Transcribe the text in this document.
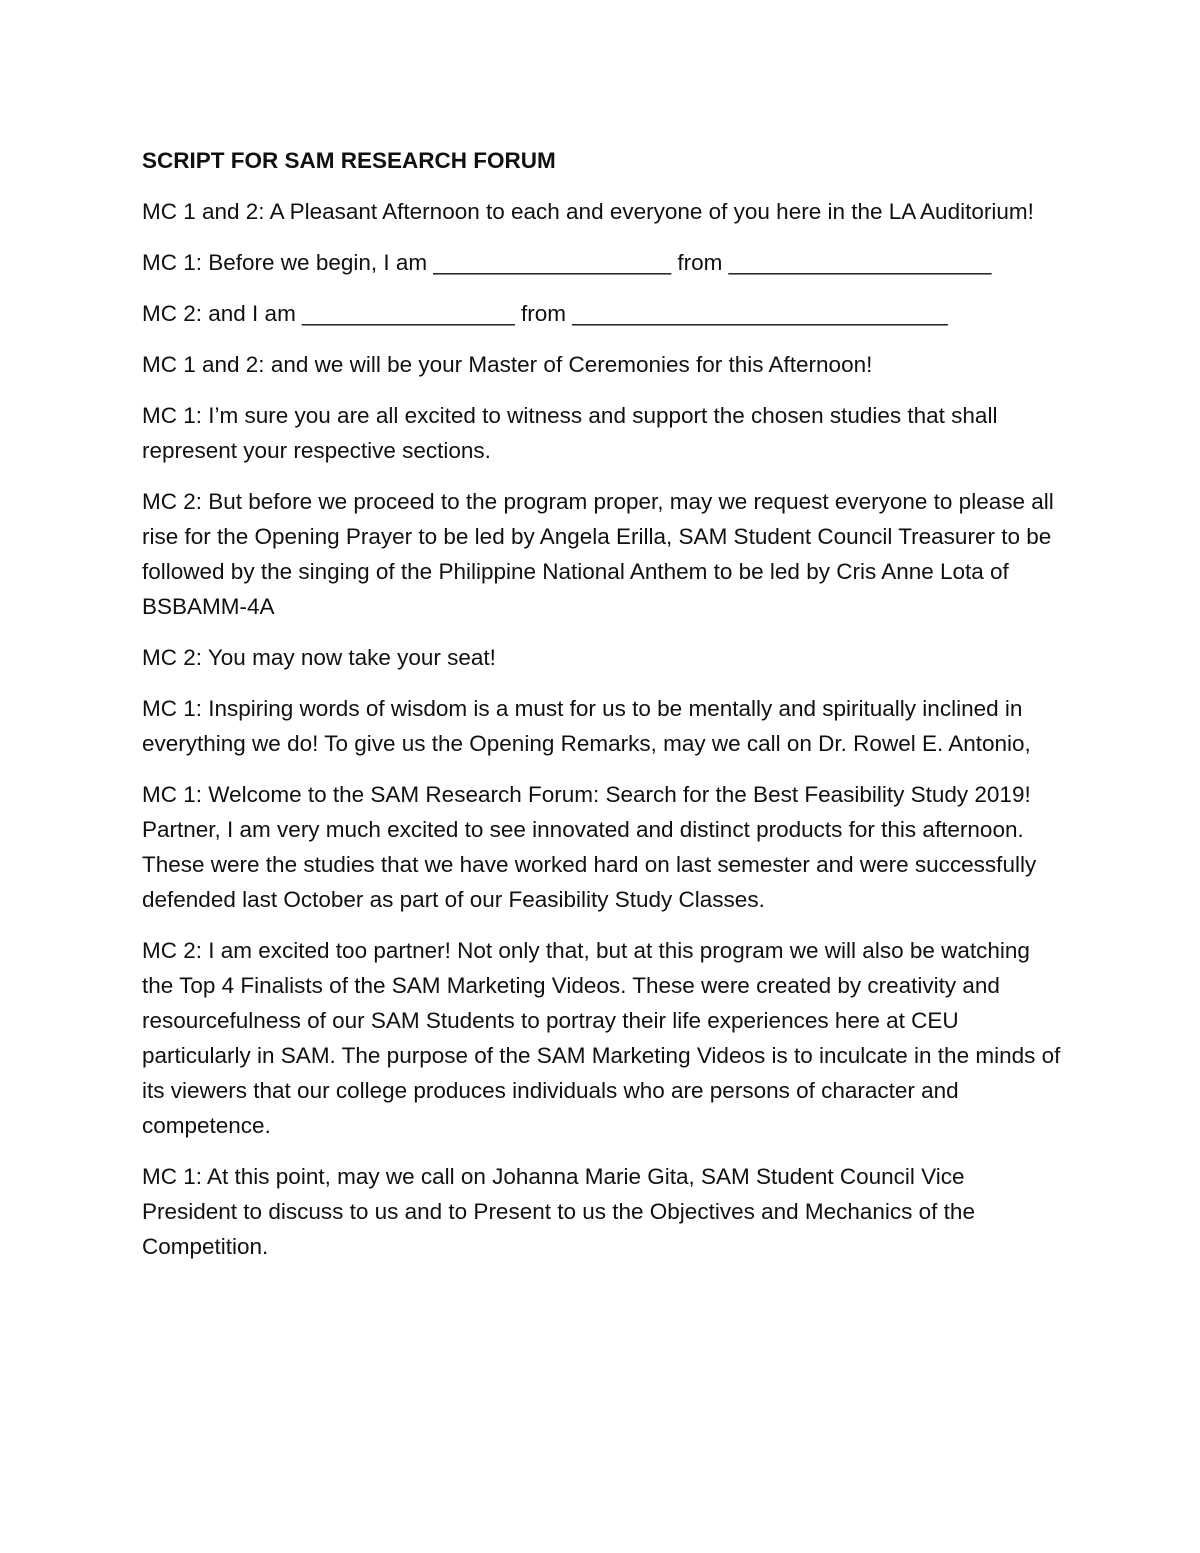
SCRIPT FOR SAM RESEARCH FORUM

MC 1 and 2: A Pleasant Afternoon to each and everyone of you here in the LA Auditorium!

MC 1: Before we begin, I am ___________________ from _____________________

MC 2: and I am _________________ from ______________________________

MC 1 and 2: and we will be your Master of Ceremonies for this Afternoon!

MC 1: I’m sure you are all excited to witness and support the chosen studies that shall represent your respective sections.

MC 2: But before we proceed to the program proper, may we request everyone to please all rise for the Opening Prayer to be led by Angela Erilla, SAM Student Council Treasurer to be followed by the singing of the Philippine National Anthem to be led by Cris Anne Lota of BSBAMM-4A

MC 2: You may now take your seat!

MC 1: Inspiring words of wisdom is a must for us to be mentally and spiritually inclined in everything we do! To give us the Opening Remarks, may we call on Dr. Rowel E. Antonio,

MC 1: Welcome to the SAM Research Forum: Search for the Best Feasibility Study 2019! Partner, I am very much excited to see innovated and distinct products for this afternoon. These were the studies that we have worked hard on last semester and were successfully defended last October as part of our Feasibility Study Classes.

MC 2: I am excited too partner! Not only that, but at this program we will also be watching the Top 4 Finalists of the SAM Marketing Videos. These were created by creativity and resourcefulness of our SAM Students to portray their life experiences here at CEU particularly in SAM. The purpose of the SAM Marketing Videos is to inculcate in the minds of its viewers that our college produces individuals who are persons of character and competence.

MC 1: At this point, may we call on Johanna Marie Gita, SAM Student Council Vice President to discuss to us and to Present to us the Objectives and Mechanics of the Competition.
